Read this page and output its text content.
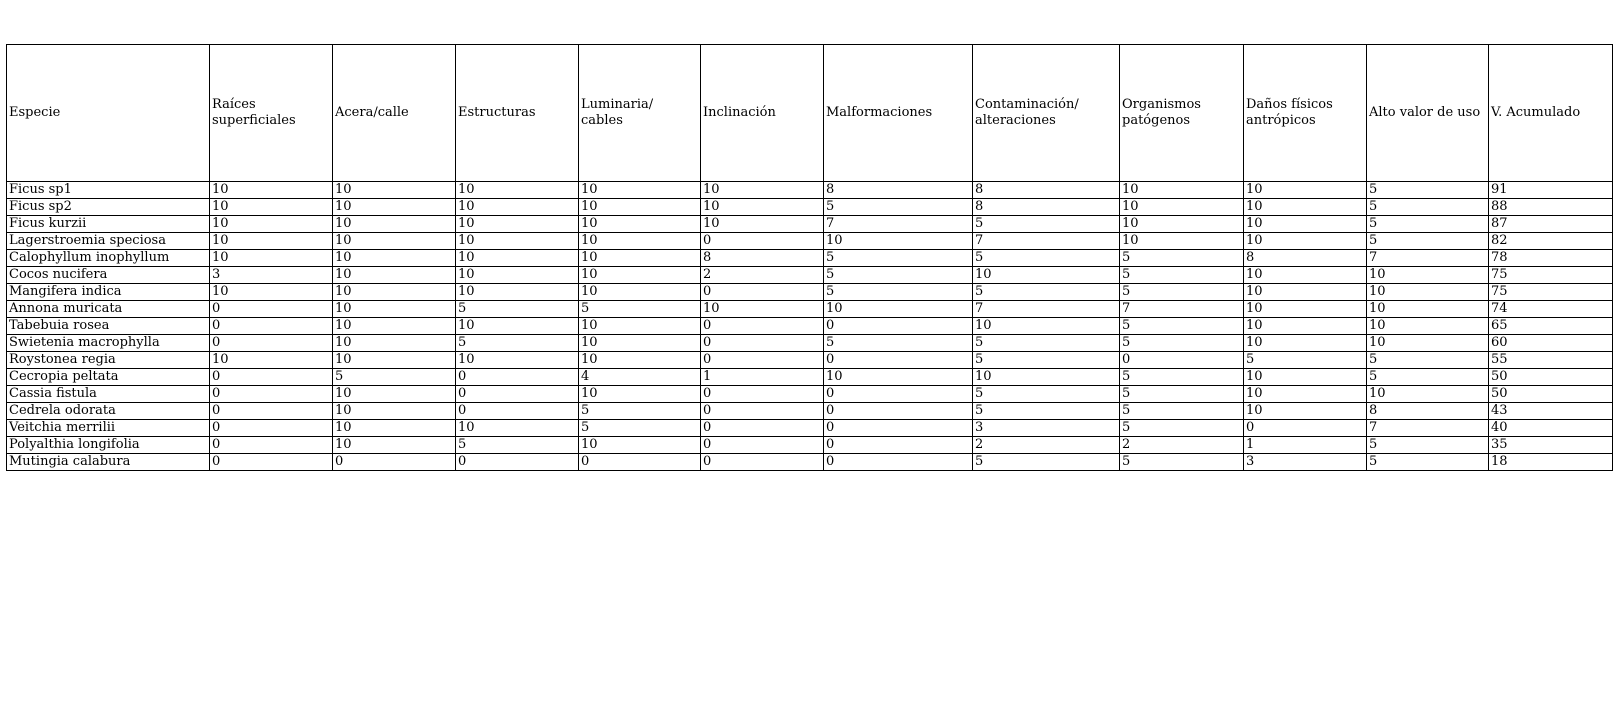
Especie	Raíces superficiales	Acera/calle	Estructuras	Luminaria/ cables	Inclinación	Malformaciones	Contaminación/ alteraciones	Organismos patógenos	Daños físicos antrópicos	Alto valor de uso	V. Acumulado
Ficus sp1	10	10	10	10	10	8	8	10	10	5	91
Ficus sp2	10	10	10	10	10	5	8	10	10	5	88
Ficus kurzii	10	10	10	10	10	7	5	10	10	5	87
Lagerstroemia speciosa	10	10	10	10	0	10	7	10	10	5	82
Calophyllum inophyllum	10	10	10	10	8	5	5	5	8	7	78
Cocos nucifera	3	10	10	10	2	5	10	5	10	10	75
Mangifera indica	10	10	10	10	0	5	5	5	10	10	75
Annona muricata	0	10	5	5	10	10	7	7	10	10	74
Tabebuia rosea	0	10	10	10	0	0	10	5	10	10	65
Swietenia macrophylla	0	10	5	10	0	5	5	5	10	10	60
Roystonea regia	10	10	10	10	0	0	5	0	5	5	55
Cecropia peltata	0	5	0	4	1	10	10	5	10	5	50
Cassia fistula	0	10	0	10	0	0	5	5	10	10	50
Cedrela odorata	0	10	0	5	0	0	5	5	10	8	43
Veitchia merrilii	0	10	10	5	0	0	3	5	0	7	40
Polyalthia longifolia	0	10	5	10	0	0	2	2	1	5	35
Mutingia calabura	0	0	0	0	0	0	5	5	3	5	18
